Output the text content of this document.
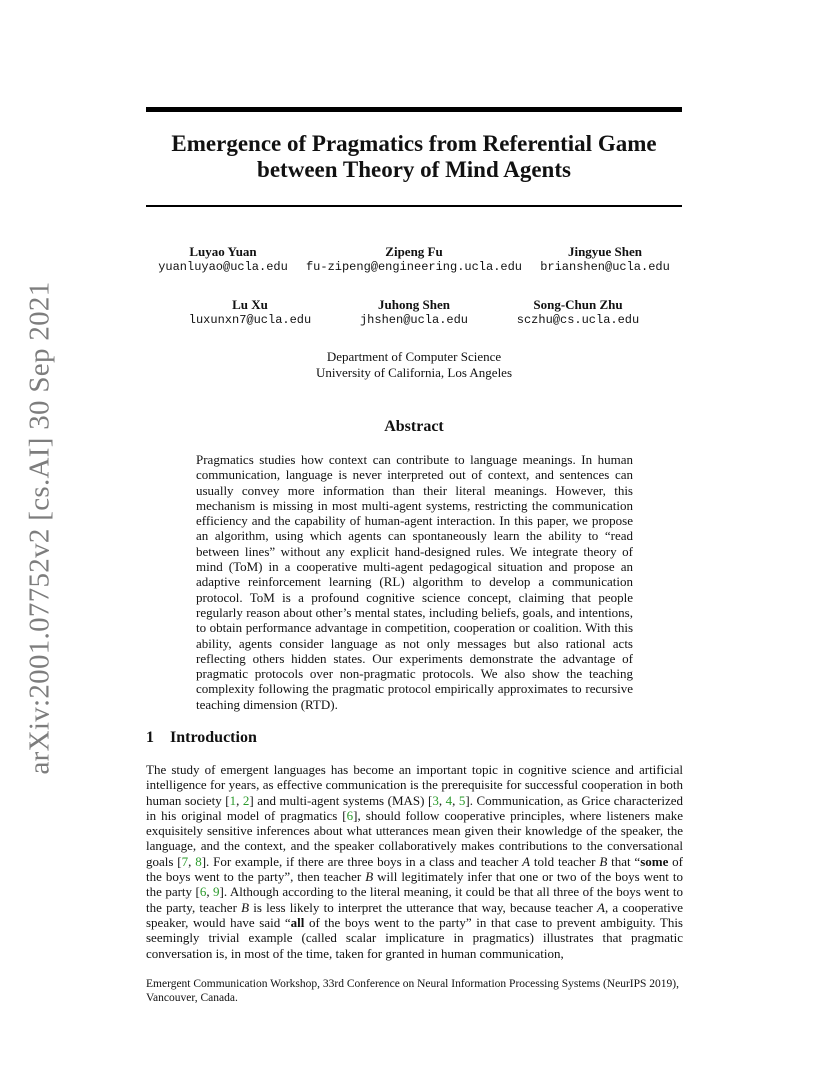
arXiv:2001.07752v2 [cs.AI] 30 Sep 2021
Emergence of Pragmatics from Referential Game
between Theory of Mind Agents
Luyao Yuan
yuanluyao@ucla.edu
Zipeng Fu
fu-zipeng@engineering.ucla.edu
Jingyue Shen
brianshen@ucla.edu
Lu Xu
luxunxn7@ucla.edu
Juhong Shen
jhshen@ucla.edu
Song-Chun Zhu
sczhu@cs.ucla.edu
Department of Computer Science
University of California, Los Angeles
Abstract
Pragmatics studies how context can contribute to language meanings. In human communication, language is never interpreted out of context, and sentences can usually convey more information than their literal meanings. However, this mechanism is missing in most multi-agent systems, restricting the communication efficiency and the capability of human-agent interaction. In this paper, we propose an algorithm, using which agents can spontaneously learn the ability to “read between lines” without any explicit hand-designed rules. We integrate theory of mind (ToM) in a cooperative multi-agent pedagogical situation and propose an adaptive reinforcement learning (RL) algorithm to develop a communication protocol. ToM is a profound cognitive science concept, claiming that people regularly reason about other’s mental states, including beliefs, goals, and intentions, to obtain performance advantage in competition, cooperation or coalition. With this ability, agents consider language as not only messages but also rational acts reflecting others hidden states. Our experiments demonstrate the advantage of pragmatic protocols over non-pragmatic protocols. We also show the teaching complexity following the pragmatic protocol empirically approximates to recursive teaching dimension (RTD).
1 Introduction
The study of emergent languages has become an important topic in cognitive science and artificial intelligence for years, as effective communication is the prerequisite for successful cooperation in both human society [1, 2] and multi-agent systems (MAS) [3, 4, 5]. Communication, as Grice characterized in his original model of pragmatics [6], should follow cooperative principles, where listeners make exquisitely sensitive inferences about what utterances mean given their knowledge of the speaker, the language, and the context, and the speaker collaboratively makes contributions to the conversational goals [7, 8]. For example, if there are three boys in a class and teacher A told teacher B that “some of the boys went to the party”, then teacher B will legitimately infer that one or two of the boys went to the party [6, 9]. Although according to the literal meaning, it could be that all three of the boys went to the party, teacher B is less likely to interpret the utterance that way, because teacher A, a cooperative speaker, would have said “all of the boys went to the party” in that case to prevent ambiguity. This seemingly trivial example (called scalar implicature in pragmatics) illustrates that pragmatic conversation is, in most of the time, taken for granted in human communication,
Emergent Communication Workshop, 33rd Conference on Neural Information Processing Systems (NeurIPS 2019), Vancouver, Canada.
